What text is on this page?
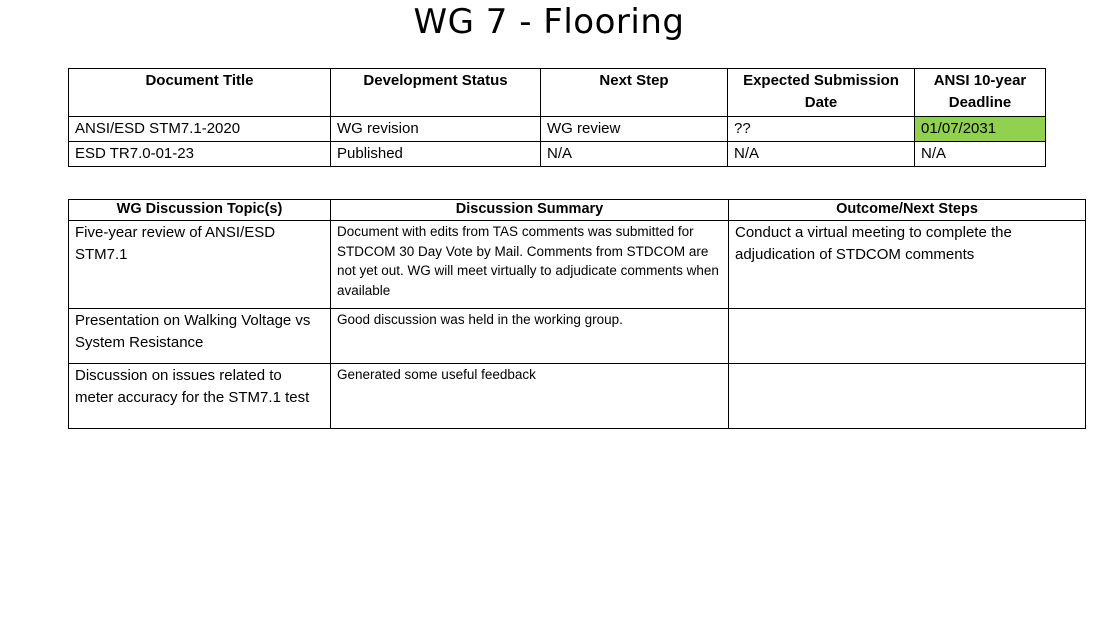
WG 7 - Flooring
Document Title	Development Status	Next Step	Expected Submission Date	ANSI 10-year Deadline
ANSI/ESD STM7.1-2020	WG revision	WG review	??	01/07/2031
ESD TR7.0-01-23	Published	N/A	N/A	N/A
WG Discussion Topic(s)	Discussion Summary	Outcome/Next Steps
Five-year review of ANSI/ESD STM7.1	Document with edits from TAS comments was submitted for STDCOM 30 Day Vote by Mail. Comments from STDCOM are not yet out. WG will meet virtually to adjudicate comments when available	Conduct a virtual meeting to complete the adjudication of STDCOM comments
Presentation on Walking Voltage vs System Resistance	Good discussion was held in the working group.	
Discussion on issues related to meter accuracy for the STM7.1 test	Generated some useful feedback	
